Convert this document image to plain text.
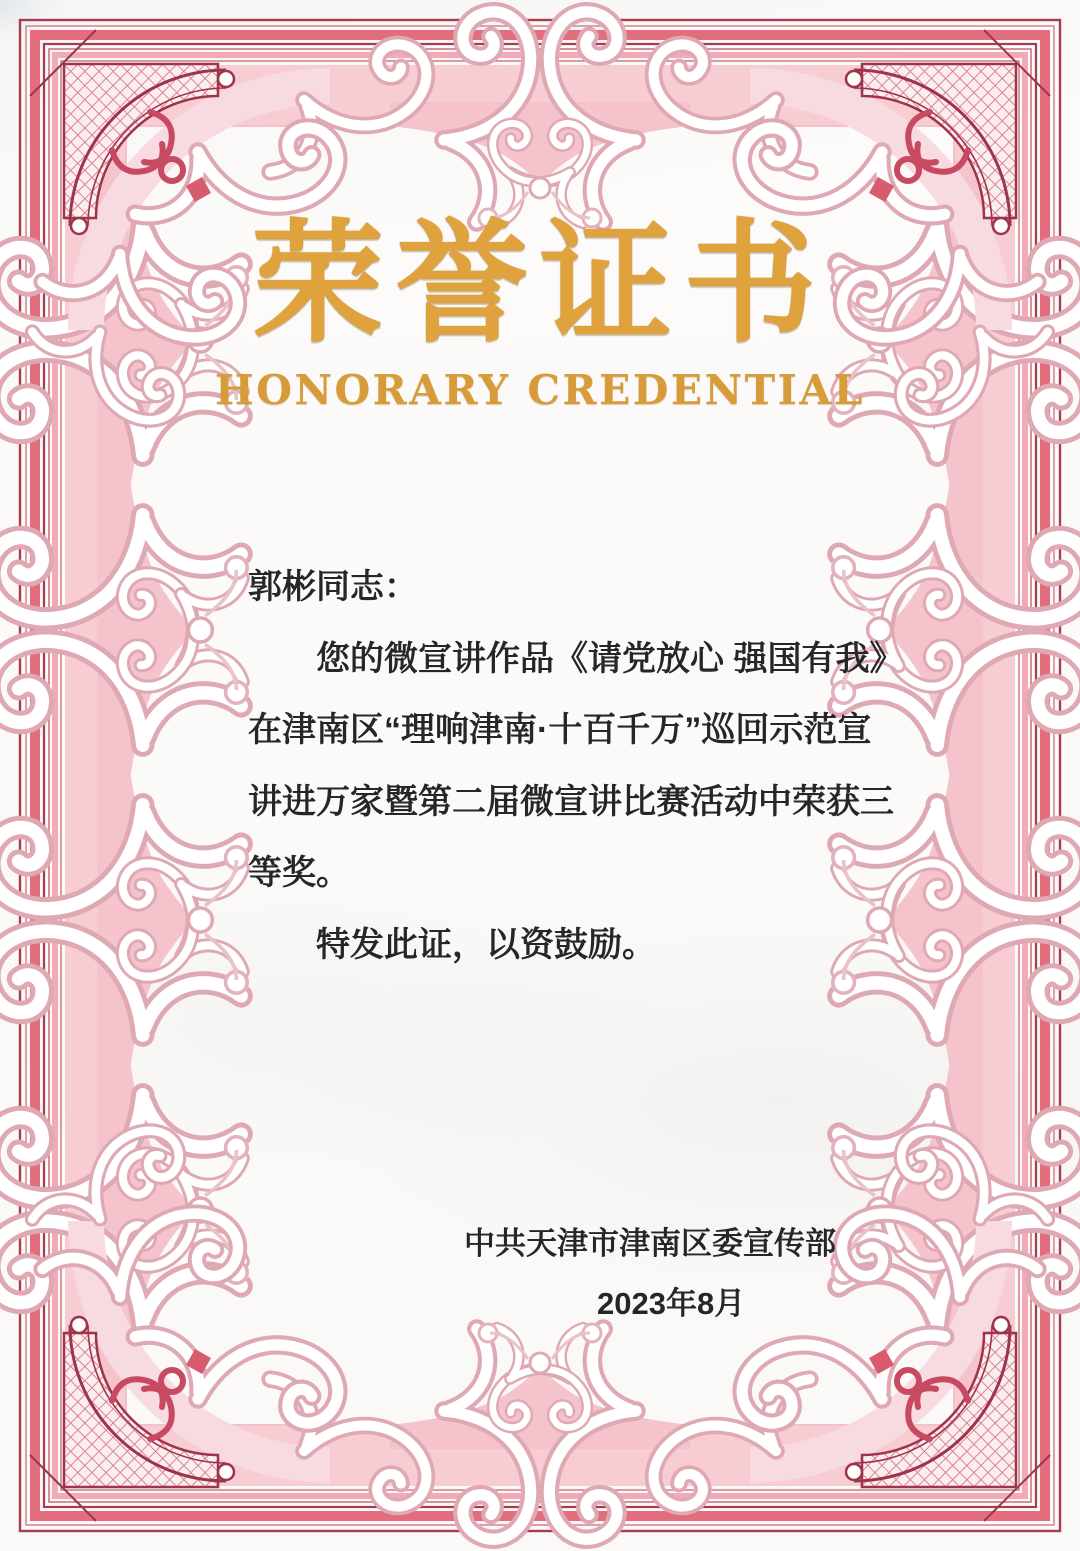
荣誉证书
HONORARY CREDENTIAL

郭彬同志：

您的微宣讲作品《请党放心 强国有我》

在津南区“理响津南·十百千万”巡回示范宣

讲进万家暨第二届微宣讲比赛活动中荣获三

等奖。

特发此证，以资鼓励。

中共天津市津南区委宣传部
2023年8月
